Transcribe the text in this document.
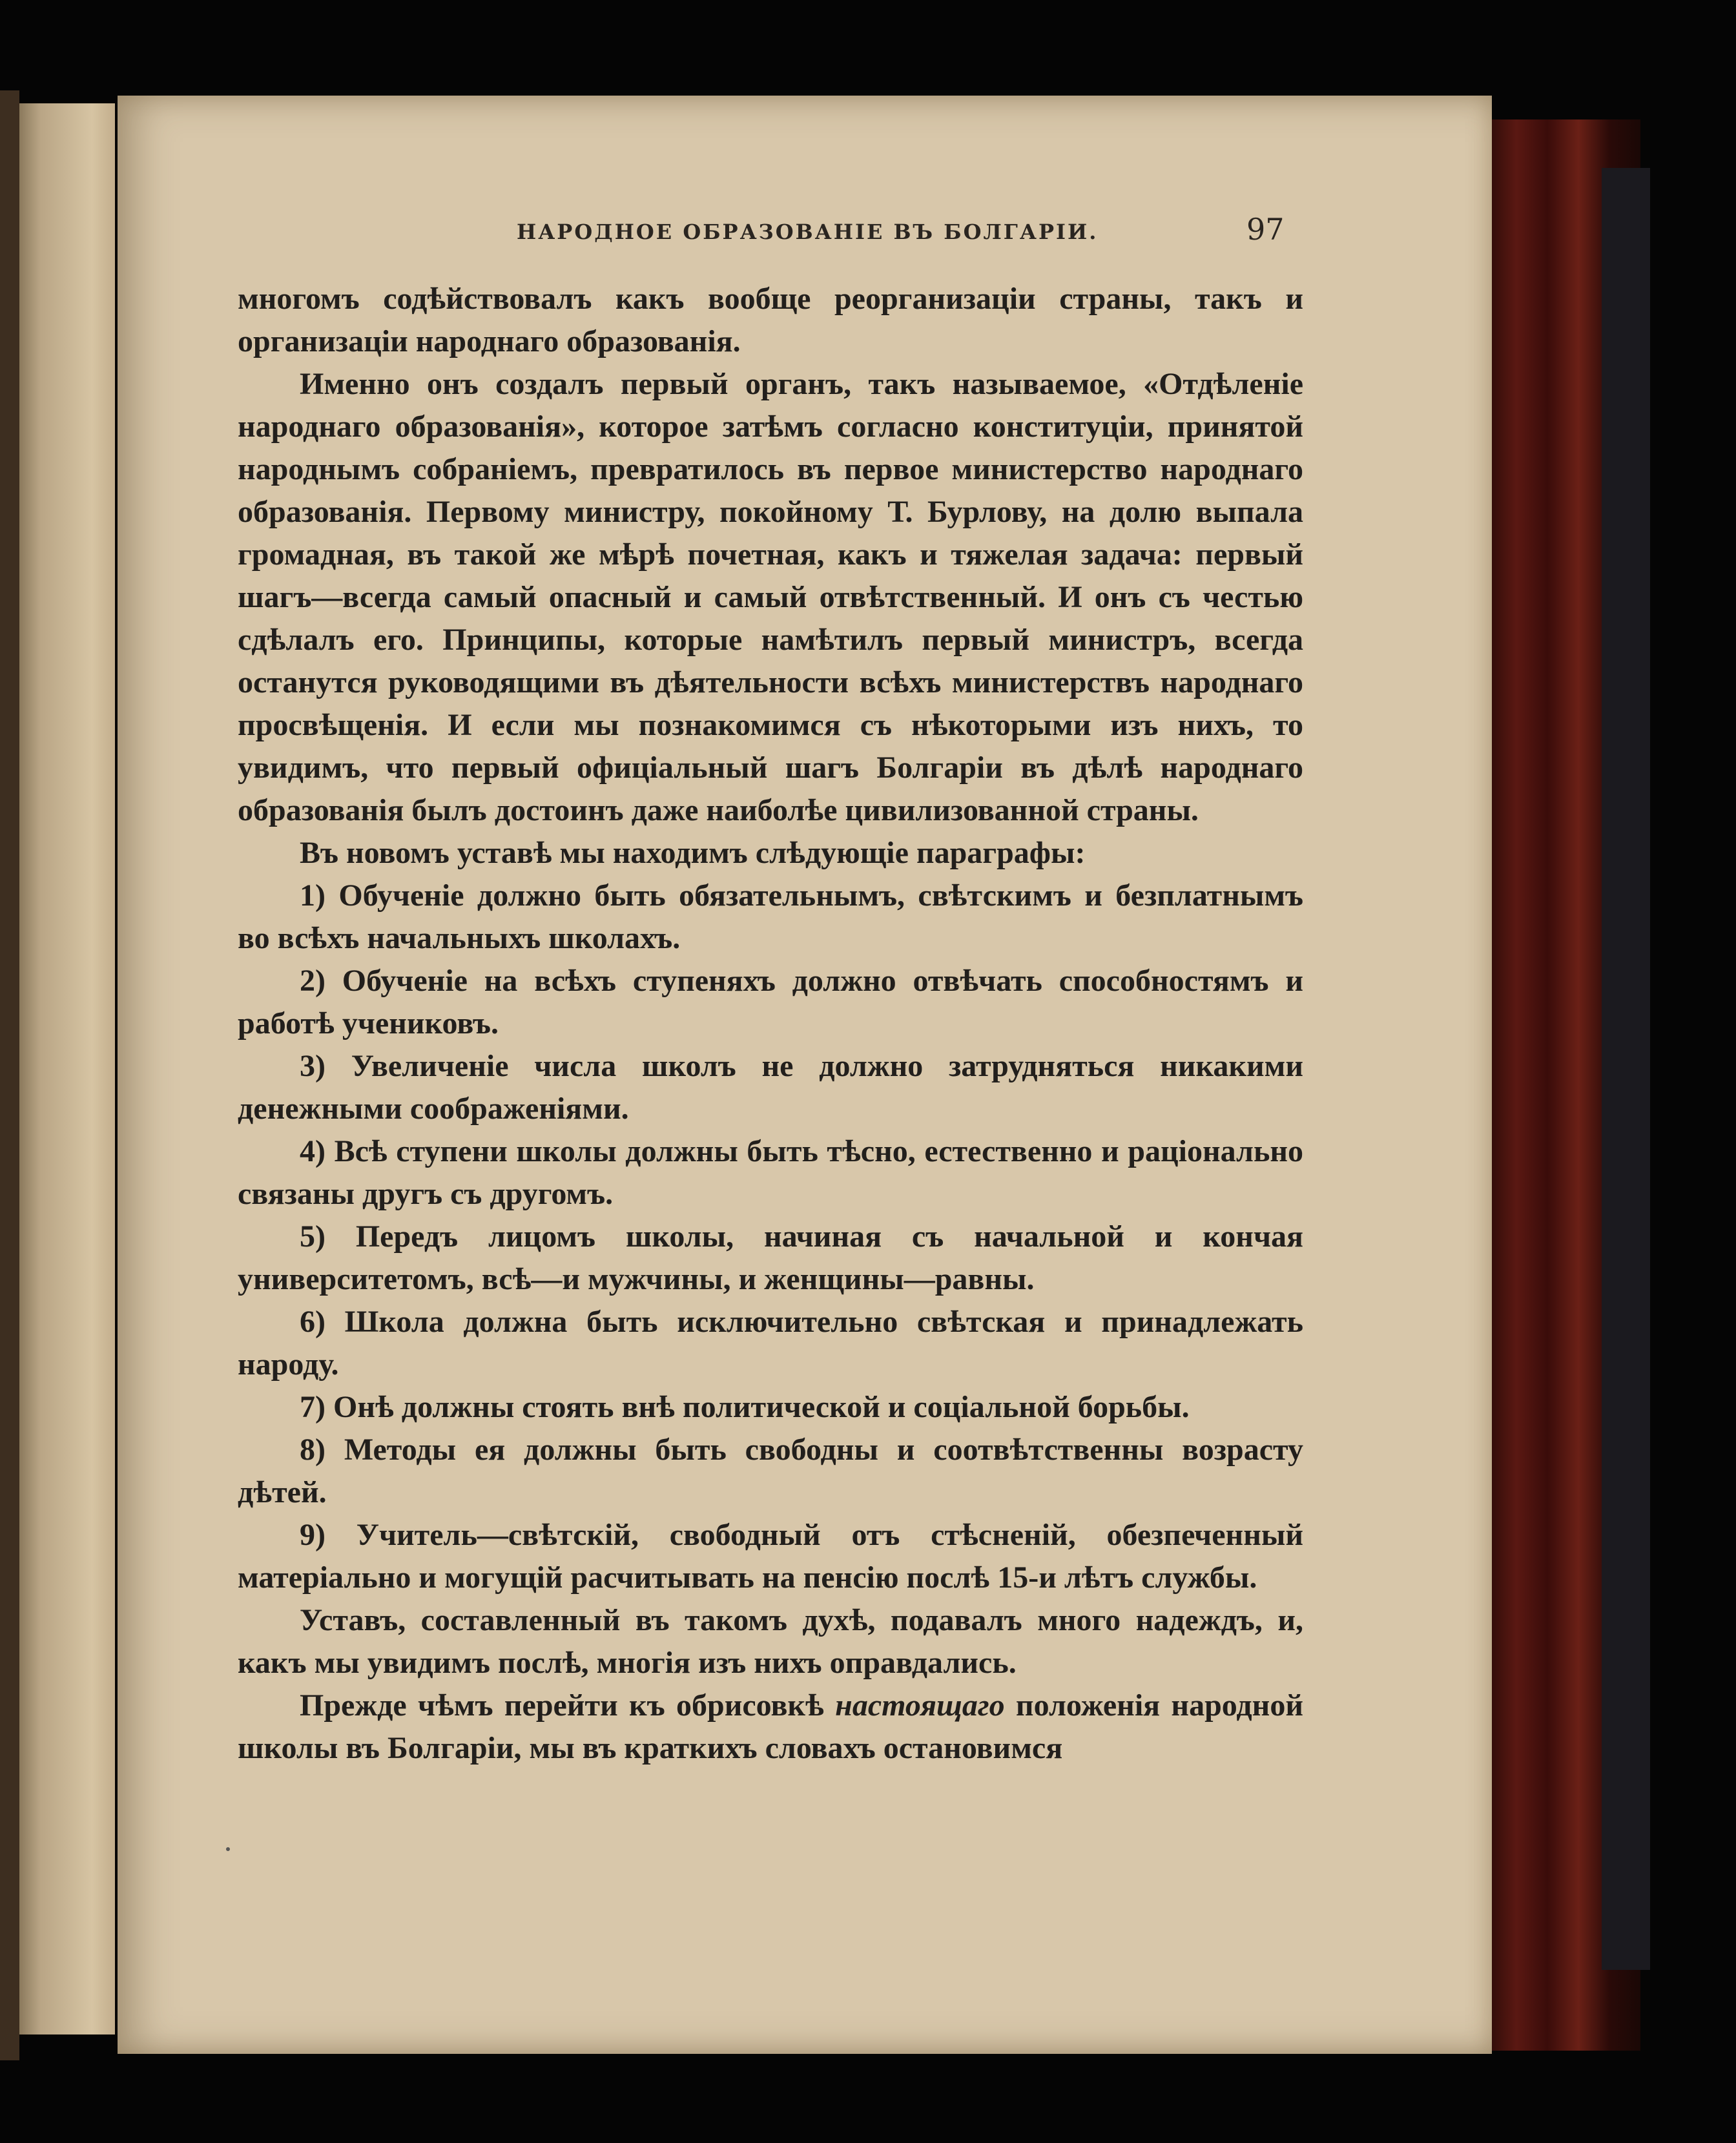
НАРОДНОЕ ОБРАЗОВАНІЕ ВЪ БОЛГАРІИ.	97

многомъ содѣйствовалъ какъ вообще реорганизаціи страны, такъ и организаціи народнаго образованія.

Именно онъ создалъ первый органъ, такъ называемое, «Отдѣленіе народнаго образованія», которое затѣмъ согласно конституціи, принятой народнымъ собраніемъ, превратилось въ первое министерство народнаго образованія. Первому министру, покойному Т. Бурлову, на долю выпала громадная, въ такой же мѣрѣ почетная, какъ и тяжелая задача: первый шагъ—всегда самый опасный и самый отвѣтственный. И онъ съ честью сдѣлалъ его. Принципы, которые намѣтилъ первый министръ, всегда останутся руководящими въ дѣятельности всѣхъ министерствъ народнаго просвѣщенія. И если мы познакомимся съ нѣкоторыми изъ нихъ, то увидимъ, что первый офиціальный шагъ Болгаріи въ дѣлѣ народнаго образованія былъ достоинъ даже наиболѣе цивилизованной страны.

Въ новомъ уставѣ мы находимъ слѣдующіе параграфы:

1) Обученіе должно быть обязательнымъ, свѣтскимъ и безплатнымъ во всѣхъ начальныхъ школахъ.

2) Обученіе на всѣхъ ступеняхъ должно отвѣчать способностямъ и работѣ учениковъ.

3) Увеличеніе числа школъ не должно затрудняться никакими денежными соображеніями.

4) Всѣ ступени школы должны быть тѣсно, естественно и раціонально связаны другъ съ другомъ.

5) Передъ лицомъ школы, начиная съ начальной и кончая университетомъ, всѣ—и мужчины, и женщины—равны.

6) Школа должна быть исключительно свѣтская и принадлежать народу.

7) Онѣ должны стоять внѣ политической и соціальной борьбы.

8) Методы ея должны быть свободны и соотвѣтственны возрасту дѣтей.

9) Учитель—свѣтскій, свободный отъ стѣсненій, обезпеченный матеріально и могущій расчитывать на пенсію послѣ 15-и лѣтъ службы.

Уставъ, составленный въ такомъ духѣ, подавалъ много надеждъ, и, какъ мы увидимъ послѣ, многія изъ нихъ оправдались.

Прежде чѣмъ перейти къ обрисовкѣ настоящаго положенія народной школы въ Болгаріи, мы въ краткихъ словахъ остановимся
